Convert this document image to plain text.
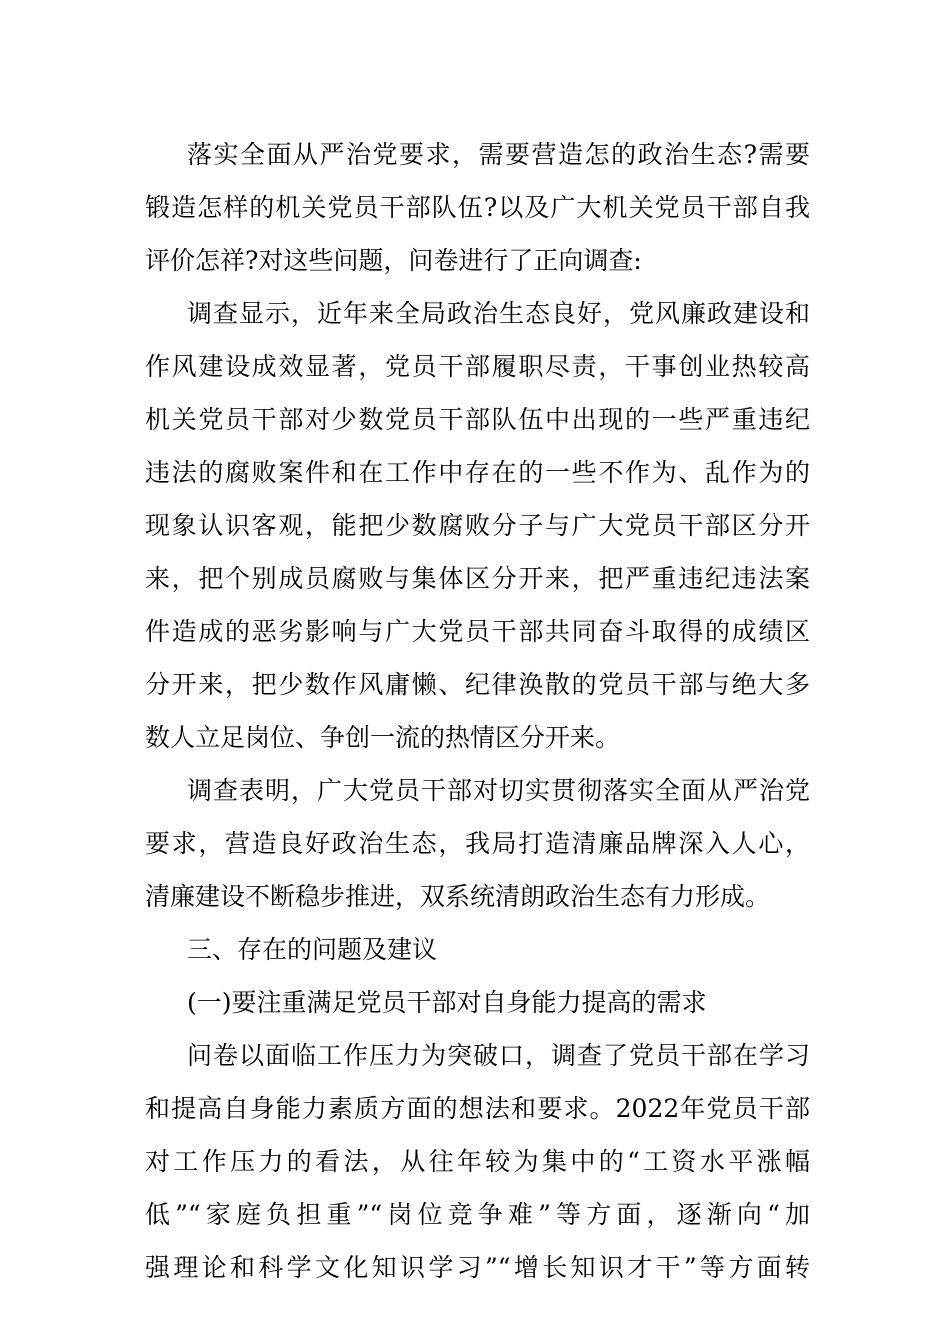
落实全面从严治党要求，需要营造怎的政治生态?需要
锻造怎样的机关党员干部队伍?以及广大机关党员干部自我
评价怎祥?对这些问题，问卷进行了正向调查:
调查显示，近年来全局政治生态良好，党风廉政建设和
作风建设成效显著，党员干部履职尽责，干事创业热较高
机关党员干部对少数党员干部队伍中出现的一些严重违纪
违法的腐败案件和在工作中存在的一些不作为、乱作为的
现象认识客观，能把少数腐败分子与广大党员干部区分开
来，把个别成员腐败与集体区分开来，把严重违纪违法案
件造成的恶劣影响与广大党员干部共同奋斗取得的成绩区
分开来，把少数作风庸懒、纪律涣散的党员干部与绝大多
数人立足岗位、争创一流的热情区分开来。
调查表明，广大党员干部对切实贯彻落实全面从严治党
要求，营造良好政治生态，我局打造清廉品牌深入人心，
清廉建设不断稳步推进，双系统清朗政治生态有力形成。
三、存在的问题及建议
(一)要注重满足党员干部对自身能力提高的需求
问卷以面临工作压力为突破口，调查了党员干部在学习
和提高自身能力素质方面的想法和要求。2022年党员干部
对工作压力的看法，从往年较为集中的“工资水平涨幅
低”“家庭负担重”“岗位竞争难”等方面，逐渐向“加
强理论和科学文化知识学习”“增长知识才干”等方面转
